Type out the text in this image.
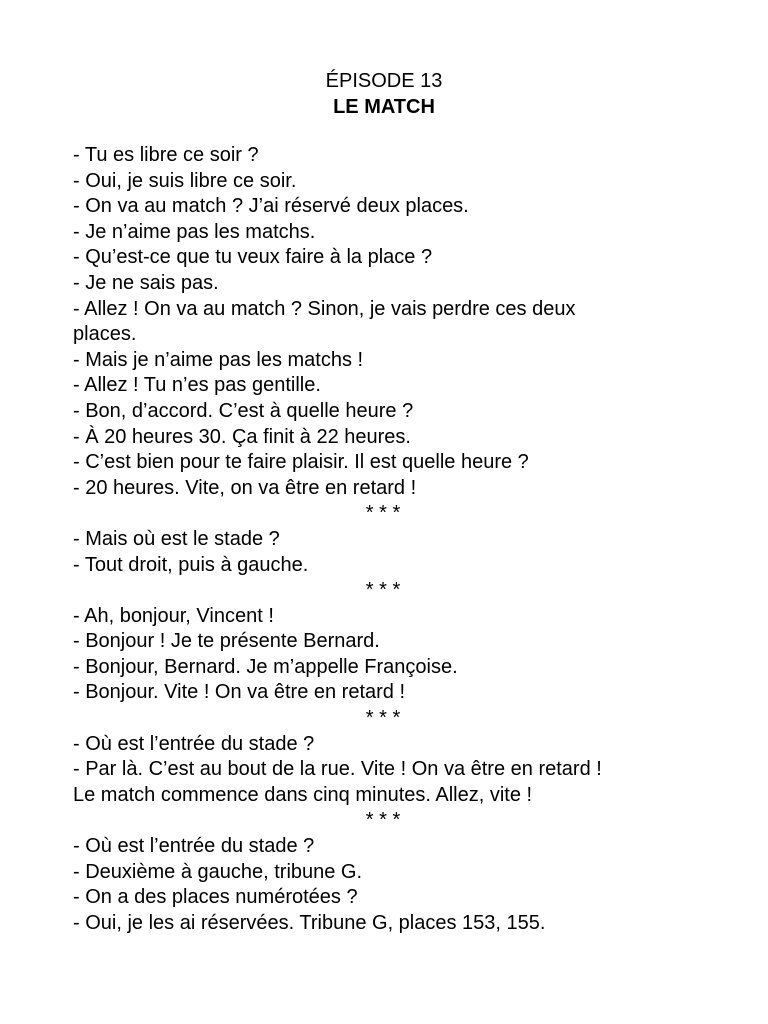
ÉPISODE 13

LE MATCH

- Tu es libre ce soir ?

- Oui, je suis libre ce soir.

- On va au match ? J’ai réservé deux places.

- Je n’aime pas les matchs.

- Qu’est-ce que tu veux faire à la place ?

- Je ne sais pas.

- Allez ! On va au match ? Sinon, je vais perdre ces deux

places.

- Mais je n’aime pas les matchs !

- Allez ! Tu n’es pas gentille.

- Bon, d’accord. C’est à quelle heure ?

- À 20 heures 30. Ça finit à 22 heures.

- C’est bien pour te faire plaisir. Il est quelle heure ?

- 20 heures. Vite, on va être en retard !

* * *

- Mais où est le stade ?

- Tout droit, puis à gauche.

* * *

- Ah, bonjour, Vincent !

- Bonjour ! Je te présente Bernard.

- Bonjour, Bernard. Je m’appelle Françoise.

- Bonjour. Vite ! On va être en retard !

* * *

- Où est l’entrée du stade ?

- Par là. C’est au bout de la rue. Vite ! On va être en retard !

Le match commence dans cinq minutes. Allez, vite !

* * *

- Où est l’entrée du stade ?

- Deuxième à gauche, tribune G.

- On a des places numérotées ?

- Oui, je les ai réservées. Tribune G, places 153, 155.
